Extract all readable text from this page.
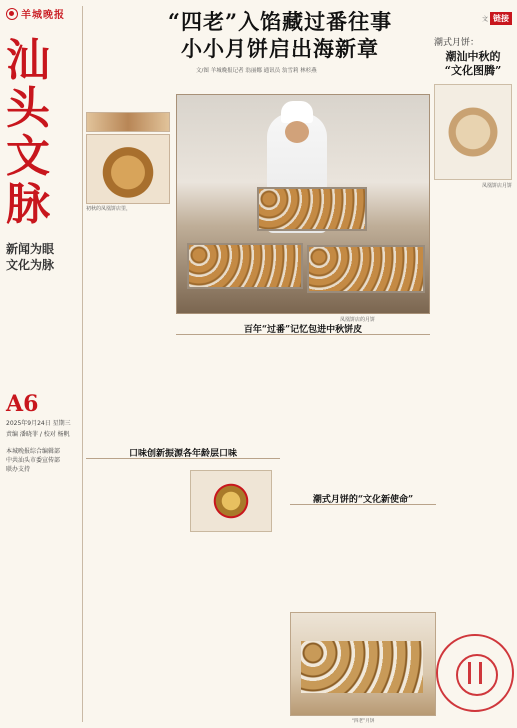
羊城晚报
汕
头
文
脉
新闻为眼
文化为脉
A6
2025年9月24日 星期三
责编 潘晓菲 / 校对 杨帆
本城晚报综合编辑部
中共汕头市委宣传部
联办支持
初秋的凤凰饼店里，
“四老”入馅藏过番往事
小小月饼启出海新章
文/图 羊城晚报记者 翁丽娜 通讯员 翁雪莉 林杉燕
凤凰饼店的月饼
文 链接
潮式月饼：
潮汕中秋的
“文化图腾”
凤凰饼店月饼
百年“过番”记忆包进中秋饼皮
口味创新振源各年龄层口味
潮式月饼的“文化新使命”
“四老”月饼
